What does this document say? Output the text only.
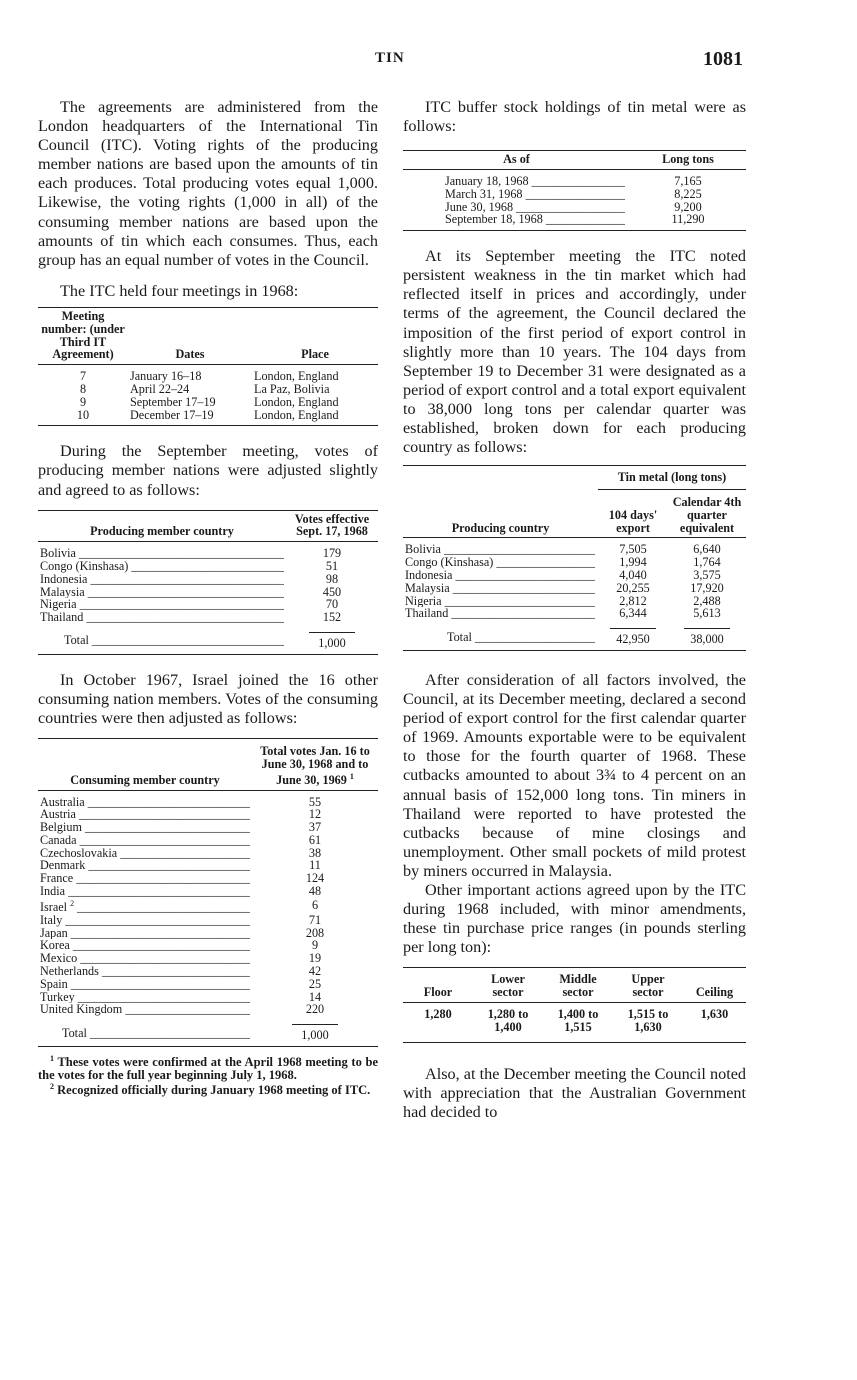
TIN	1081

The agreements are administered from the London headquarters of the International Tin Council (ITC). Voting rights of the producing member nations are based upon the amounts of tin each produces. Total producing votes equal 1,000. Likewise, the voting rights (1,000 in all) of the consuming member nations are based upon the amounts of tin which each consumes. Thus, each group has an equal number of votes in the Council.

The ITC held four meetings in 1968:

Meeting number: (under Third IT Agreement)	Dates	Place
7	January 16–18	London, England
8	April 22–24	La Paz, Bolivia
9	September 17–19	London, England
10	December 17–19	London, England

During the September meeting, votes of producing member nations were adjusted slightly and agreed to as follows:

Producing member country	Votes effective Sept. 17, 1968

Bolivia _____	179

Congo (Kinshasa) _____	51

Indonesia _____	98

Malaysia _____	450

Nigeria _____	70

Thailand _____	152

Total _____	1,000

In October 1967, Israel joined the 16 other consuming nation members. Votes of the consuming countries were then adjusted as follows:

Consuming member country	Total votes Jan. 16 to June 30, 1968 and to June 30, 1969 $^1$

Australia _____	55

Austria _____	12

Belgium _____	37

Canada _____	61

Czechoslovakia _____	38

Denmark _____	11

France _____	124

India _____	48

Israel $^2$ _____	6

Italy _____	71

Japan _____	208

Korea _____	9

Mexico _____	19

Netherlands _____	42

Spain _____	25

Turkey _____	14

United Kingdom _____	220

Total _____	1,000

$^1$ These votes were confirmed at the April 1968 meeting to be the votes for the full year beginning July 1, 1968.

$^2$ Recognized officially during January 1968 meeting of ITC.

ITC buffer stock holdings of tin metal were as follows:

As of	Long tons

January 18, 1968 _____	7,165

March 31, 1968 _____	8,225

June 30, 1968 _____	9,200

September 18, 1968 _____	11,290

At its September meeting the ITC noted persistent weakness in the tin market which had reflected itself in prices and accordingly, under terms of the agreement, the Council declared the imposition of the first period of export control in slightly more than 10 years. The 104 days from September 19 to December 31 were designated as a period of export control and a total export equivalent to 38,000 long tons per calendar quarter was established, broken down for each producing country as follows:

Producing country	Tin metal (long tons)	
	104 days' export	Calendar 4th quarter equivalent

Bolivia _____	7,505	6,640

Congo (Kinshasa) _____	1,994	1,764

Indonesia _____	4,040	3,575

Malaysia _____	20,255	17,920

Nigeria _____	2,812	2,488

Thailand _____	6,344	5,613

Total _____	42,950	38,000

After consideration of all factors involved, the Council, at its December meeting, declared a second period of export control for the first calendar quarter of 1969. Amounts exportable were to be equivalent to those for the fourth quarter of 1968. These cutbacks amounted to about 3¾ to 4 percent on an annual basis of 152,000 long tons. Tin miners in Thailand were reported to have protested the cutbacks because of mine closings and unemployment. Other small pockets of mild protest by miners occurred in Malaysia.

Other important actions agreed upon by the ITC during 1968 included, with minor amendments, these tin purchase price ranges (in pounds sterling per long ton):

Floor	Lower sector	Middle sector	Upper sector	Ceiling
1,280	1,280 to 1,400	1,400 to 1,515	1,515 to 1,630	1,630

Also, at the December meeting the Council noted with appreciation that the Australian Government had decided to
